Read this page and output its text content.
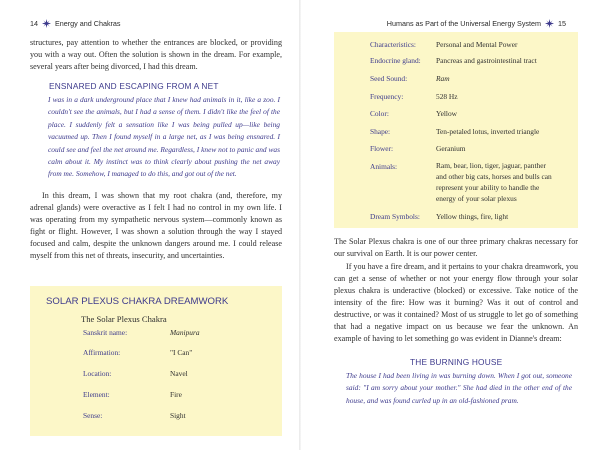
14 Energy and Chakras

structures, pay attention to whether the entrances are blocked, or providing you with a way out. Often the solution is shown in the dream. For example, several years after being divorced, I had this dream.

ENSNARED AND ESCAPING FROM A NET
I was in a dark underground place that I knew had animals in it, like a zoo. I couldn't see the animals, but I had a sense of them. I didn't like the feel of the place. I suddenly felt a sensation like I was being pulled up—like being vacuumed up. Then I found myself in a large net, as I was being ensnared. I could see and feel the net around me. Regardless, I knew not to panic and was calm about it. My instinct was to think clearly about pushing the net away from me. Somehow, I managed to do this, and got out of the net.

In this dream, I was shown that my root chakra (and, therefore, my adrenal glands) were overactive as I felt I had no control in my own life. I was operating from my sympathetic nervous system—commonly known as fight or flight. However, I was shown a solution through the way I stayed focused and calm, despite the unknown dangers around me. I could release myself from this net of threats, insecurity, and uncertainties.

SOLAR PLEXUS CHAKRA DREAMWORK
The Solar Plexus Chakra
Sanskrit name:	Manipura
Affirmation:	"I Can"
Location:	Navel
Element:	Fire
Sense:	Sight
Humans as Part of the Universal Energy System 15
Characteristics:	Personal and Mental Power
Endocrine gland: Pancreas and gastrointestinal tract
Seed Sound:	Ram
Frequency:	528 Hz
Color:	Yellow
Shape:	Ten-petaled lotus, inverted triangle
Flower:	Geranium
Animals:	Ram, bear, lion, tiger, jaguar, panther and other big cats, horses and bulls can represent your ability to handle the energy of your solar plexus
Dream Symbols: Yellow things, fire, light

The Solar Plexus chakra is one of our three primary chakras necessary for our survival on Earth. It is our power center.

If you have a fire dream, and it pertains to your chakra dreamwork, you can get a sense of whether or not your energy flow through your solar plexus chakra is underactive (blocked) or excessive. Take notice of the intensity of the fire: How was it burning? Was it out of control and destructive, or was it contained? Most of us struggle to let go of something that had a negative impact on us because we fear the unknown. An example of having to let something go was evident in Dianne's dream:

THE BURNING HOUSE
The house I had been living in was burning down. When I got out, someone said: "I am sorry about your mother." She had died in the other end of the house, and was found curled up in an old-fashioned pram.
